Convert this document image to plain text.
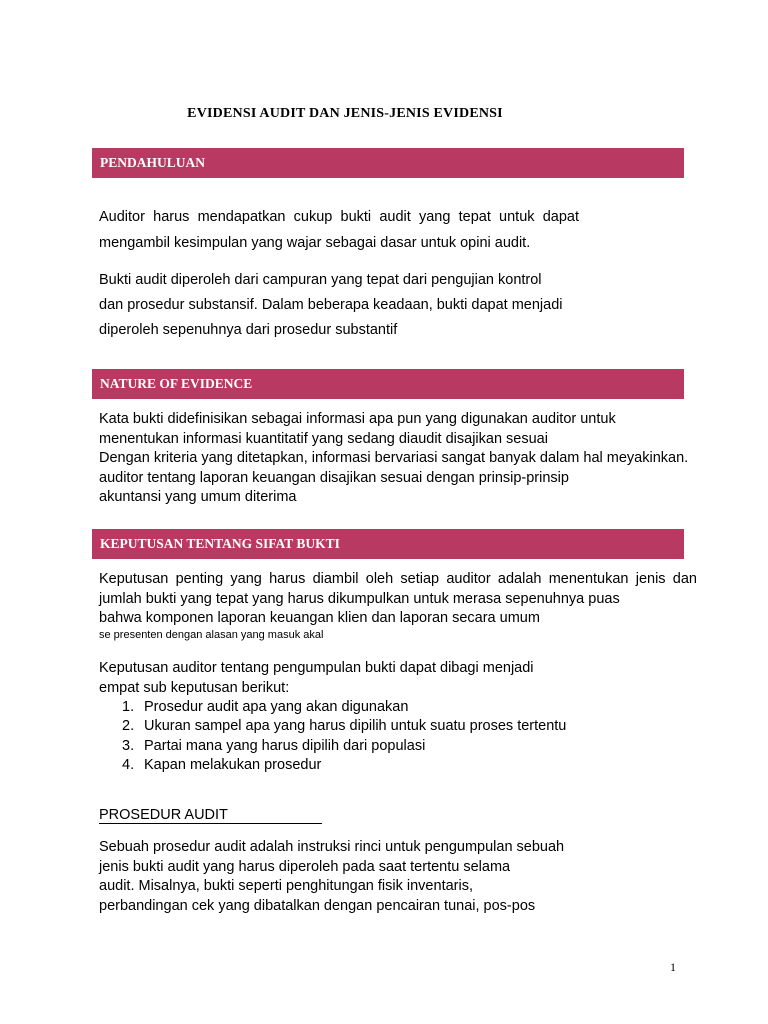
EVIDENSI AUDIT DAN JENIS-JENIS EVIDENSI
PENDAHULUAN
Auditor harus mendapatkan cukup bukti audit yang tepat untuk dapat
mengambil kesimpulan yang wajar sebagai dasar untuk opini audit.
Bukti audit diperoleh dari campuran yang tepat dari pengujian kontrol
dan prosedur substansif. Dalam beberapa keadaan, bukti dapat menjadi
diperoleh sepenuhnya dari prosedur substantif
NATURE OF EVIDENCE
Kata bukti didefinisikan sebagai informasi apa pun yang digunakan auditor untuk
menentukan informasi kuantitatif yang sedang diaudit disajikan sesuai
Dengan kriteria yang ditetapkan, informasi bervariasi sangat banyak dalam hal meyakinkan.
auditor tentang laporan keuangan disajikan sesuai dengan prinsip-prinsip
akuntansi yang umum diterima
KEPUTUSAN TENTANG SIFAT BUKTI
Keputusan penting yang harus diambil oleh setiap auditor adalah menentukan jenis dan
jumlah bukti yang tepat yang harus dikumpulkan untuk merasa sepenuhnya puas
bahwa komponen laporan keuangan klien dan laporan secara umum
se presenten dengan alasan yang masuk akal
Keputusan auditor tentang pengumpulan bukti dapat dibagi menjadi
empat sub keputusan berikut:
1. Prosedur audit apa yang akan digunakan
2. Ukuran sampel apa yang harus dipilih untuk suatu proses tertentu
3. Partai mana yang harus dipilih dari populasi
4. Kapan melakukan prosedur
PROSEDUR AUDIT
Sebuah prosedur audit adalah instruksi rinci untuk pengumpulan sebuah
jenis bukti audit yang harus diperoleh pada saat tertentu selama
audit. Misalnya, bukti seperti penghitungan fisik inventaris,
perbandingan cek yang dibatalkan dengan pencairan tunai, pos-pos
1
